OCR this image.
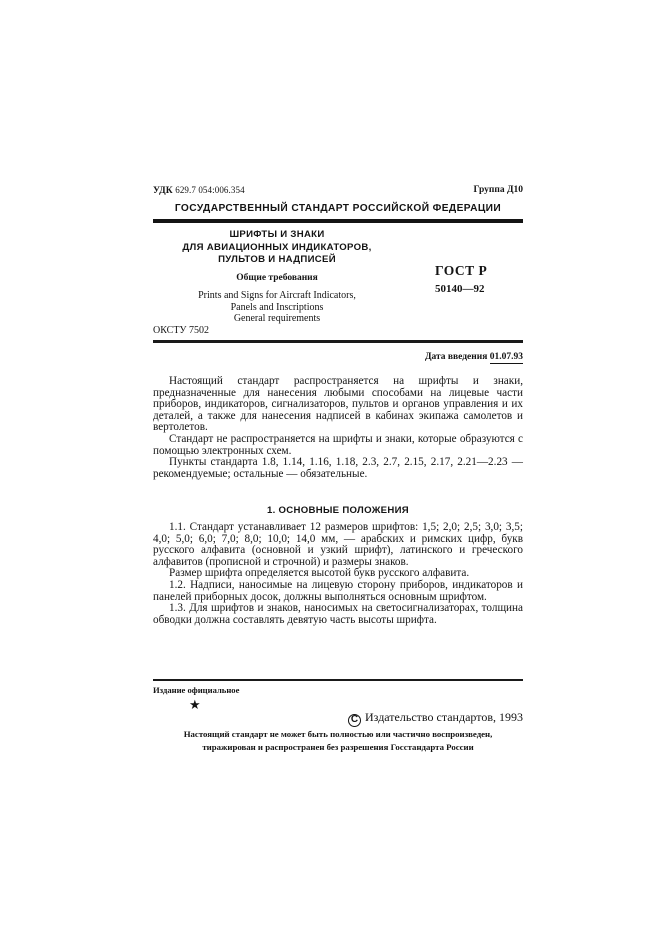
УДК 629.7 054:006.354	Группа Д10
ГОСУДАРСТВЕННЫЙ СТАНДАРТ РОССИЙСКОЙ ФЕДЕРАЦИИ
ШРИФТЫ И ЗНАКИ
ДЛЯ АВИАЦИОННЫХ ИНДИКАТОРОВ,
ПУЛЬТОВ И НАДПИСЕЙ
Общие требования
Prints and Signs for Aircraft Indicators,
Panels and Inscriptions
General requirements
ГОСТ Р
50140—92
ОКСТУ 7502
Дата введения 01.07.93

Настоящий стандарт распространяется на шрифты и знаки, предназначенные для нанесения любыми способами на лицевые части приборов, индикаторов, сигнализаторов, пультов и органов управления и их деталей, а также для нанесения надписей в кабинах экипажа самолетов и вертолетов.

Стандарт не распространяется на шрифты и знаки, которые образуются с помощью электронных схем.

Пункты стандарта 1.8, 1.14, 1.16, 1.18, 2.3, 2.7, 2.15, 2.17, 2.21—2.23 — рекомендуемые; остальные — обязательные.

1. ОСНОВНЫЕ ПОЛОЖЕНИЯ

1.1. Стандарт устанавливает 12 размеров шрифтов: 1,5; 2,0; 2,5; 3,0; 3,5; 4,0; 5,0; 6,0; 7,0; 8,0; 10,0; 14,0 мм, — арабских и римских цифр, букв русского алфавита (основной и узкий шрифт), латинского и греческого алфавитов (прописной и строчной) и размеры знаков.

Размер шрифта определяется высотой букв русского алфавита.

1.2. Надписи, наносимые на лицевую сторону приборов, индикаторов и панелей приборных досок, должны выполняться основным шрифтом.

1.3. Для шрифтов и знаков, наносимых на светосигнализаторах, толщина обводки должна составлять девятую часть высоты шрифта.

Издание официальное
★
C Издательство стандартов, 1993
Настоящий стандарт не может быть полностью или частично воспроизведен,
тиражирован и распространен без разрешения Госстандарта России
